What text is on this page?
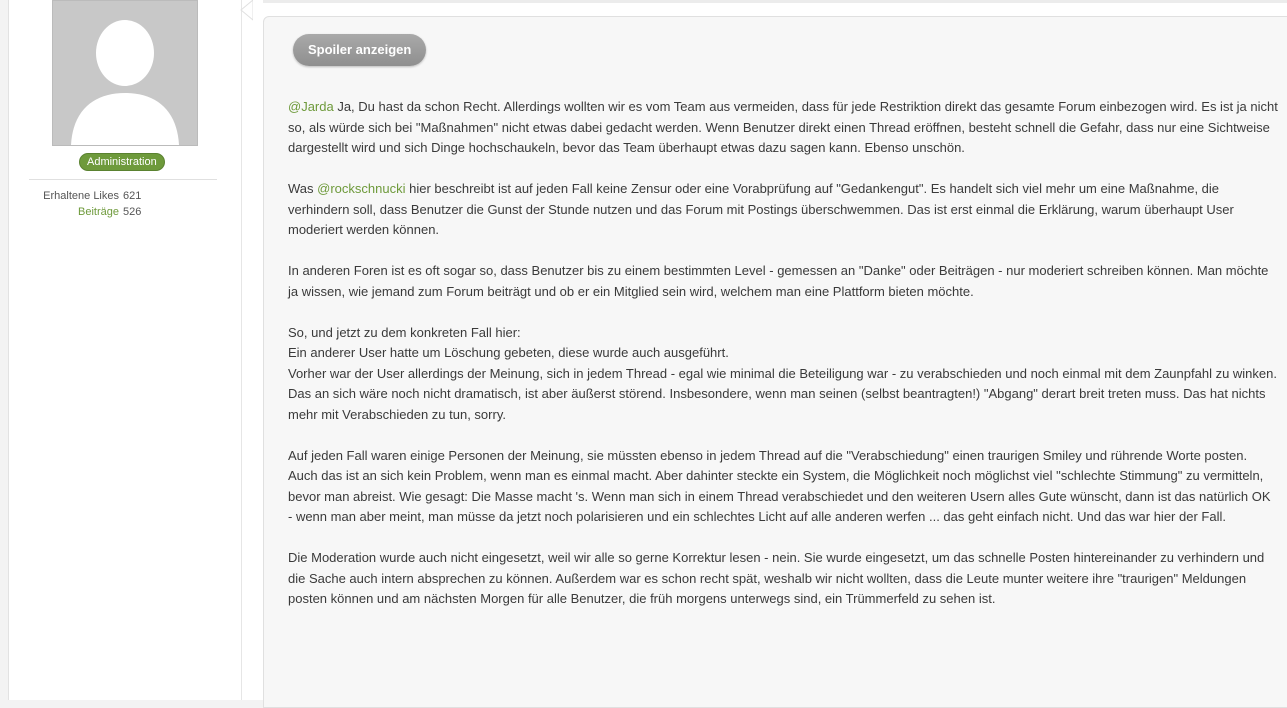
Administration
Erhaltene Likes 621
Beiträge 526
Spoiler anzeigen

@Jarda Ja, Du hast da schon Recht. Allerdings wollten wir es vom Team aus vermeiden, dass für jede Restriktion direkt das gesamte Forum einbezogen wird. Es ist ja nicht so, als würde sich bei "Maßnahmen" nicht etwas dabei gedacht werden. Wenn Benutzer direkt einen Thread eröffnen, besteht schnell die Gefahr, dass nur eine Sichtweise dargestellt wird und sich Dinge hochschaukeln, bevor das Team überhaupt etwas dazu sagen kann. Ebenso unschön.

Was @rockschnucki hier beschreibt ist auf jeden Fall keine Zensur oder eine Vorabprüfung auf "Gedankengut". Es handelt sich viel mehr um eine Maßnahme, die verhindern soll, dass Benutzer die Gunst der Stunde nutzen und das Forum mit Postings überschwemmen. Das ist erst einmal die Erklärung, warum überhaupt User moderiert werden können.

In anderen Foren ist es oft sogar so, dass Benutzer bis zu einem bestimmten Level - gemessen an "Danke" oder Beiträgen - nur moderiert schreiben können. Man möchte ja wissen, wie jemand zum Forum beiträgt und ob er ein Mitglied sein wird, welchem man eine Plattform bieten möchte.

So, und jetzt zu dem konkreten Fall hier:
Ein anderer User hatte um Löschung gebeten, diese wurde auch ausgeführt.
Vorher war der User allerdings der Meinung, sich in jedem Thread - egal wie minimal die Beteiligung war - zu verabschieden und noch einmal mit dem Zaunpfahl zu winken. Das an sich wäre noch nicht dramatisch, ist aber äußerst störend. Insbesondere, wenn man seinen (selbst beantragten!) "Abgang" derart breit treten muss. Das hat nichts mehr mit Verabschieden zu tun, sorry.

Auf jeden Fall waren einige Personen der Meinung, sie müssten ebenso in jedem Thread auf die "Verabschiedung" einen traurigen Smiley und rührende Worte posten. Auch das ist an sich kein Problem, wenn man es einmal macht. Aber dahinter steckte ein System, die Möglichkeit noch möglichst viel "schlechte Stimmung" zu vermitteln, bevor man abreist. Wie gesagt: Die Masse macht 's. Wenn man sich in einem Thread verabschiedet und den weiteren Usern alles Gute wünscht, dann ist das natürlich OK - wenn man aber meint, man müsse da jetzt noch polarisieren und ein schlechtes Licht auf alle anderen werfen ... das geht einfach nicht. Und das war hier der Fall.

Die Moderation wurde auch nicht eingesetzt, weil wir alle so gerne Korrektur lesen - nein. Sie wurde eingesetzt, um das schnelle Posten hintereinander zu verhindern und die Sache auch intern absprechen zu können. Außerdem war es schon recht spät, weshalb wir nicht wollten, dass die Leute munter weitere ihre "traurigen" Meldungen posten können und am nächsten Morgen für alle Benutzer, die früh morgens unterwegs sind, ein Trümmerfeld zu sehen ist.
